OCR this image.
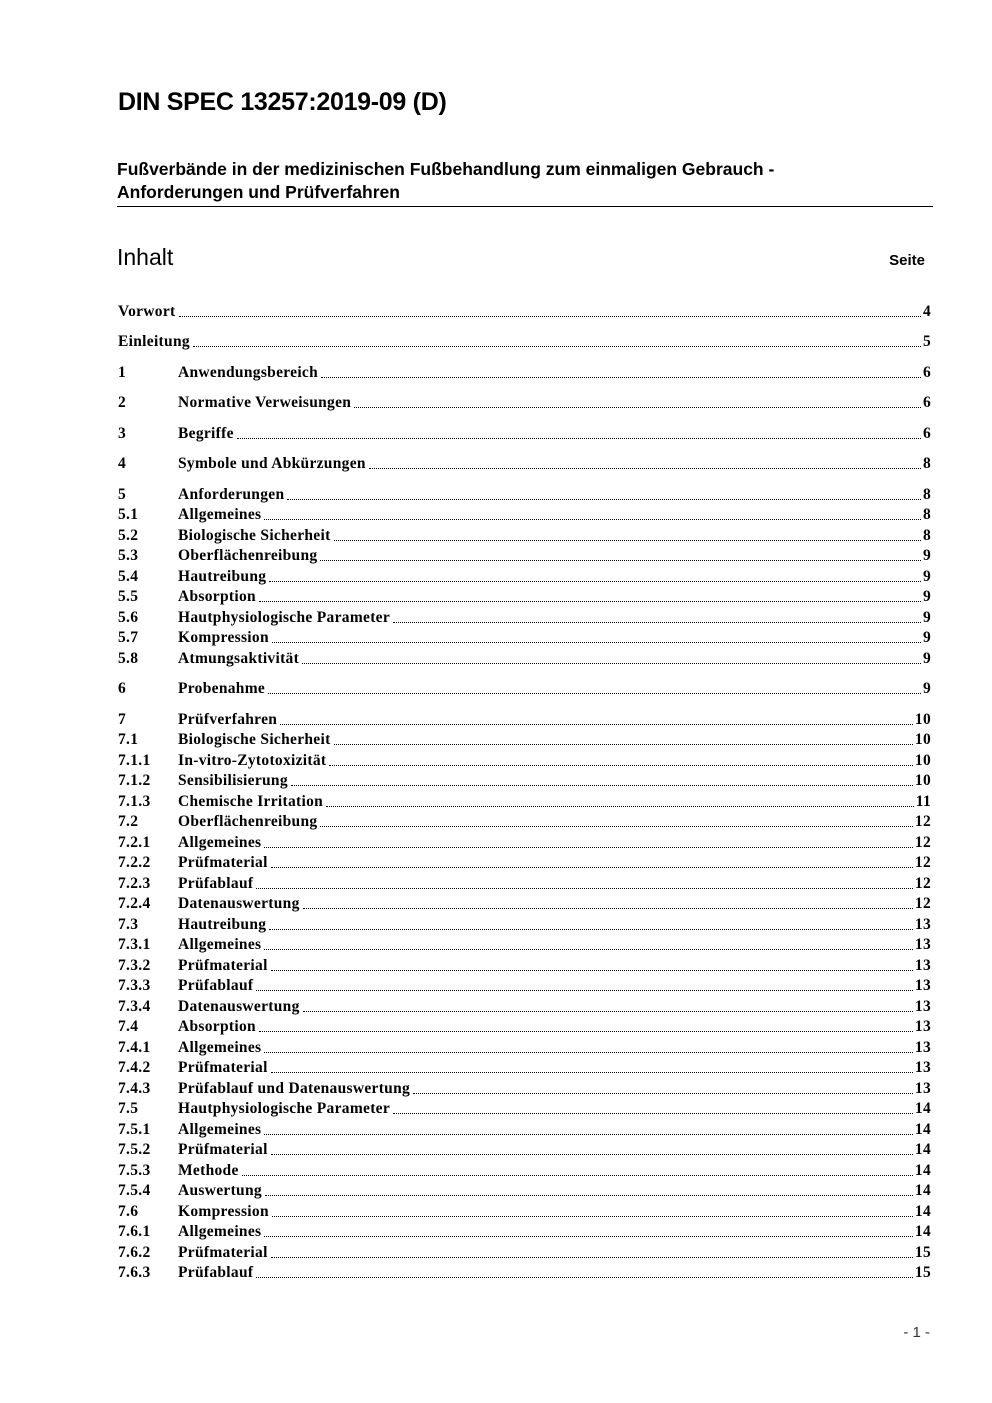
DIN SPEC 13257:2019-09 (D)
Fußverbände in der medizinischen Fußbehandlung zum einmaligen Gebrauch -
Anforderungen und Prüfverfahren
Inhalt	Seite
Vorwort	4
Einleitung	5
1	Anwendungsbereich	6
2	Normative Verweisungen	6
3	Begriffe	6
4	Symbole und Abkürzungen	8
5	Anforderungen	8
5.1	Allgemeines	8
5.2	Biologische Sicherheit	8
5.3	Oberflächenreibung	9
5.4	Hautreibung	9
5.5	Absorption	9
5.6	Hautphysiologische Parameter	9
5.7	Kompression	9
5.8	Atmungsaktivität	9
6	Probenahme	9
7	Prüfverfahren	10
7.1	Biologische Sicherheit	10
7.1.1	In-vitro-Zytotoxizität	10
7.1.2	Sensibilisierung	10
7.1.3	Chemische Irritation	11
7.2	Oberflächenreibung	12
7.2.1	Allgemeines	12
7.2.2	Prüfmaterial	12
7.2.3	Prüfablauf	12
7.2.4	Datenauswertung	12
7.3	Hautreibung	13
7.3.1	Allgemeines	13
7.3.2	Prüfmaterial	13
7.3.3	Prüfablauf	13
7.3.4	Datenauswertung	13
7.4	Absorption	13
7.4.1	Allgemeines	13
7.4.2	Prüfmaterial	13
7.4.3	Prüfablauf und Datenauswertung	13
7.5	Hautphysiologische Parameter	14
7.5.1	Allgemeines	14
7.5.2	Prüfmaterial	14
7.5.3	Methode	14
7.5.4	Auswertung	14
7.6	Kompression	14
7.6.1	Allgemeines	14
7.6.2	Prüfmaterial	15
7.6.3	Prüfablauf	15
- 1 -
